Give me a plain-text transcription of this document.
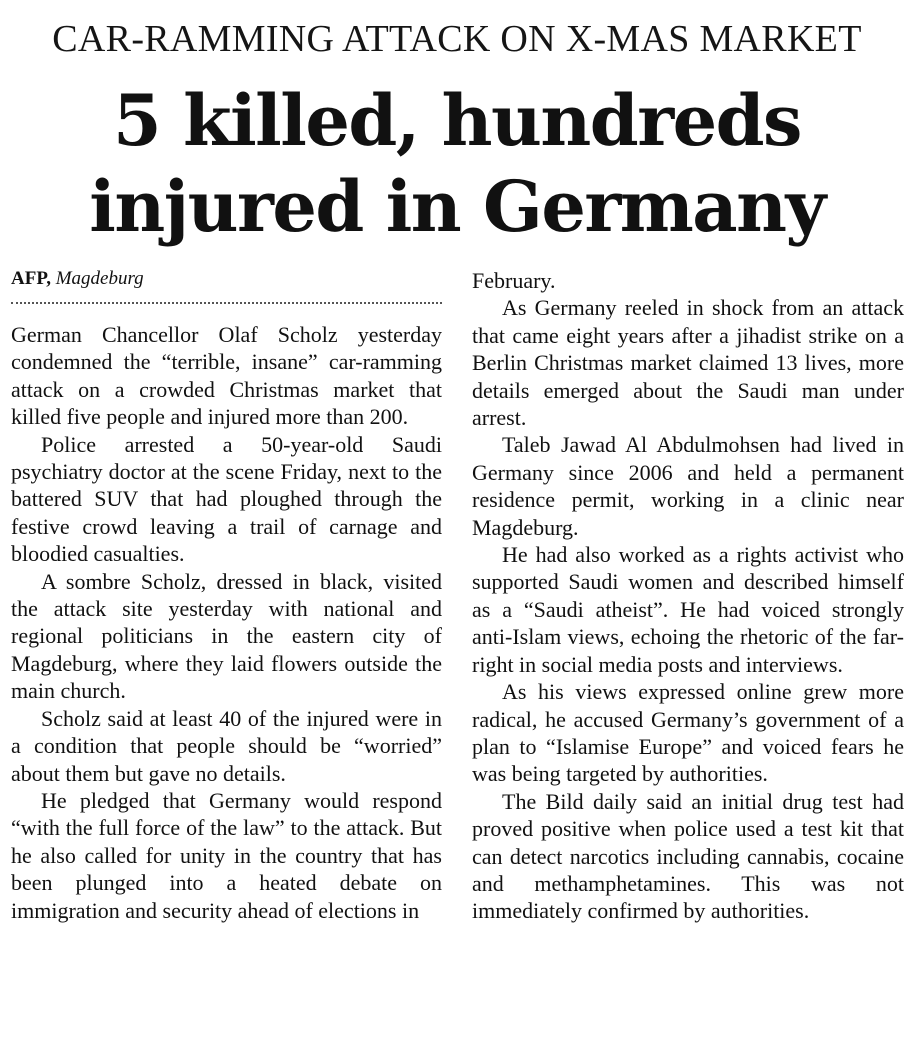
CAR-RAMMING ATTACK ON X-MAS MARKET
5 killed, hundreds
injured in Germany
AFP, Magdeburg

German Chancellor Olaf Scholz yesterday condemned the “terrible, insane” car-ramming attack on a crowded Christmas market that killed five people and injured more than 200.

Police arrested a 50-year-old Saudi psychiatry doctor at the scene Friday, next to the battered SUV that had ploughed through the festive crowd leaving a trail of carnage and bloodied casualties.

A sombre Scholz, dressed in black, visited the attack site yesterday with national and regional politicians in the eastern city of Magdeburg, where they laid flowers outside the main church.

Scholz said at least 40 of the injured were in a condition that people should be “worried” about them but gave no details.

He pledged that Germany would respond “with the full force of the law” to the attack. But he also called for unity in the country that has been plunged into a heated debate on immigration and security ahead of elections in

February.

As Germany reeled in shock from an attack that came eight years after a jihadist strike on a Berlin Christmas market claimed 13 lives, more details emerged about the Saudi man under arrest.

Taleb Jawad Al Abdulmohsen had lived in Germany since 2006 and held a permanent residence permit, working in a clinic near Magdeburg.

He had also worked as a rights activist who supported Saudi women and described himself as a “Saudi atheist”. He had voiced strongly anti-Islam views, echoing the rhetoric of the far-right in social media posts and interviews.

As his views expressed online grew more radical, he accused Germany’s government of a plan to “Islamise Europe” and voiced fears he was being targeted by authorities.

The Bild daily said an initial drug test had proved positive when police used a test kit that can detect narcotics including cannabis, cocaine and methamphetamines. This was not immediately confirmed by authorities.
